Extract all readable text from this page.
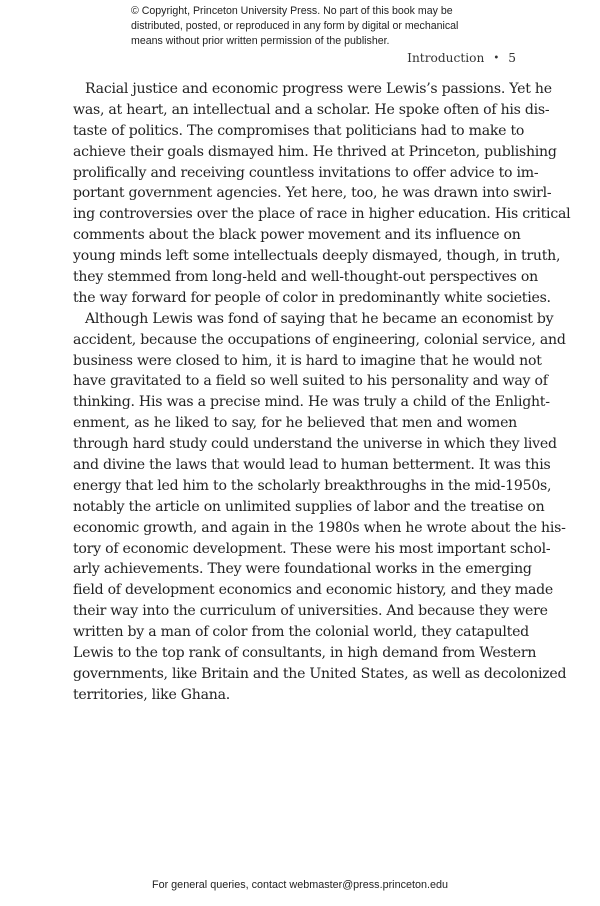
© Copyright, Princeton University Press. No part of this book may be
distributed, posted, or reproduced in any form by digital or mechanical
means without prior written permission of the publisher.
Introduction • 5
Racial justice and economic progress were Lewis’s passions. Yet he
was, at heart, an intellectual and a scholar. He spoke often of his dis-
taste of politics. The compromises that politicians had to make to
achieve their goals dismayed him. He thrived at Princeton, publishing
prolifically and receiving countless invitations to offer advice to im-
portant government agencies. Yet here, too, he was drawn into swirl-
ing controversies over the place of race in higher education. His critical
comments about the black power movement and its influence on
young minds left some intellectuals deeply dismayed, though, in truth,
they stemmed from long-held and well-thought-out perspectives on
the way forward for people of color in predominantly white societies.
Although Lewis was fond of saying that he became an economist by
accident, because the occupations of engineering, colonial service, and
business were closed to him, it is hard to imagine that he would not
have gravitated to a field so well suited to his personality and way of
thinking. His was a precise mind. He was truly a child of the Enlight-
enment, as he liked to say, for he believed that men and women
through hard study could understand the universe in which they lived
and divine the laws that would lead to human betterment. It was this
energy that led him to the scholarly breakthroughs in the mid-1950s,
notably the article on unlimited supplies of labor and the treatise on
economic growth, and again in the 1980s when he wrote about the his-
tory of economic development. These were his most important schol-
arly achievements. They were foundational works in the emerging
field of development economics and economic history, and they made
their way into the curriculum of universities. And because they were
written by a man of color from the colonial world, they catapulted
Lewis to the top rank of consultants, in high demand from Western
governments, like Britain and the United States, as well as decolonized
territories, like Ghana.
For general queries, contact webmaster@press.princeton.edu
